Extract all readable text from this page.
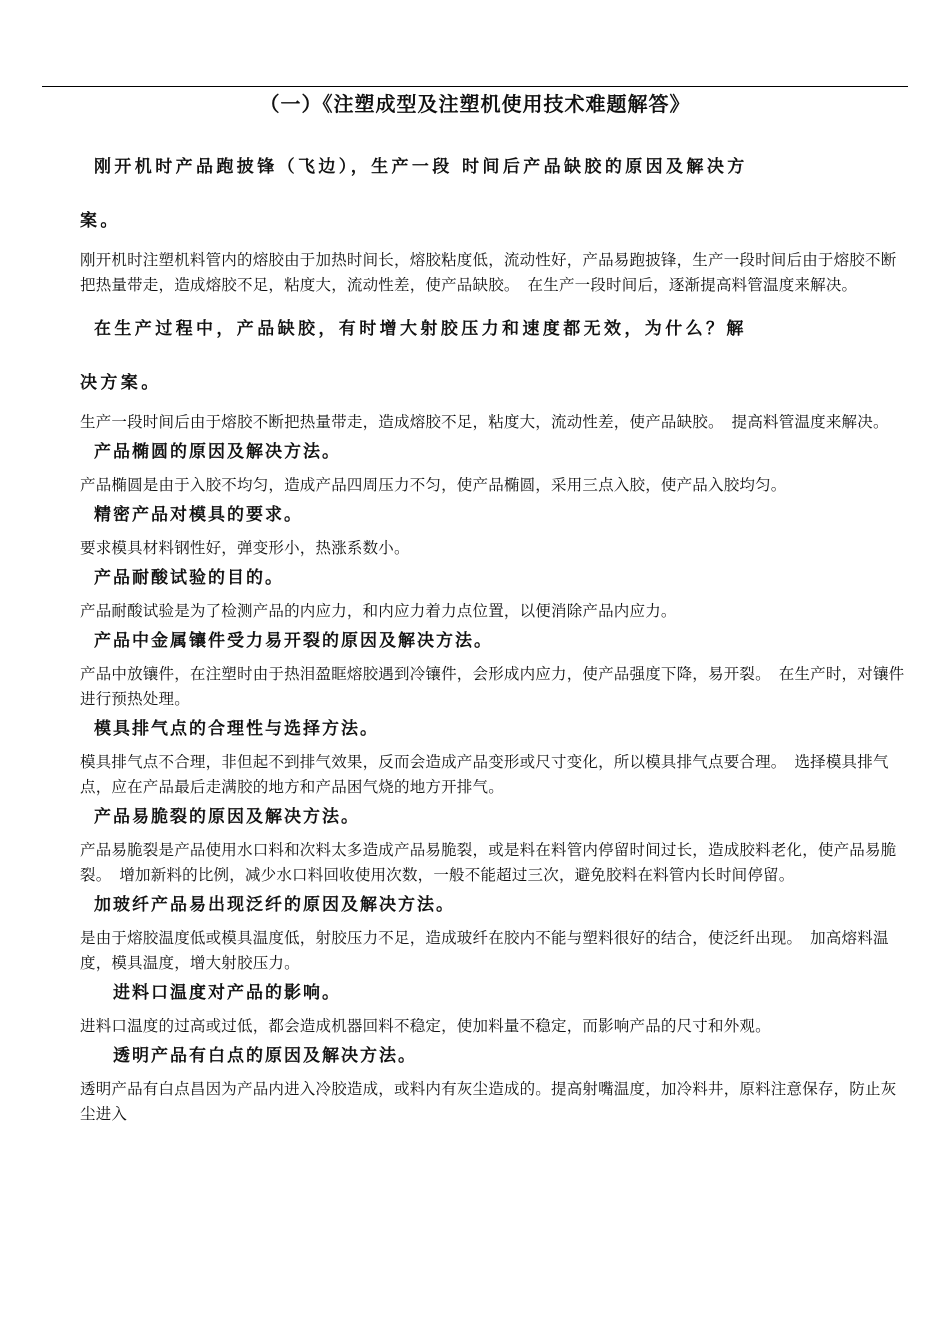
（一）《注塑成型及注塑机使用技术难题解答》

刚开机时产品跑披锋（飞边），生产一段 时间后产品缺胶的原因及解决方
案。

刚开机时注塑机料管内的熔胶由于加热时间长，熔胶粘度低，流动性好，产品易跑披锋，生产一段时间后由于熔胶不断把热量带走，造成熔胶不足，粘度大，流动性差，使产品缺胶。　在生产一段时间后，逐渐提高料管温度来解决。

在生产过程中，产品缺胶，有时增大射胶压力和速度都无效，为什么？解
决方案。

生产一段时间后由于熔胶不断把热量带走，造成熔胶不足，粘度大，流动性差，使产品缺胶。　提高料管温度来解决。

产品椭圆的原因及解决方法。

产品椭圆是由于入胶不均匀，造成产品四周压力不匀，使产品椭圆，采用三点入胶，使产品入胶均匀。

精密产品对模具的要求。

要求模具材料钢性好，弹变形小，热涨系数小。

产品耐酸试验的目的。

产品耐酸试验是为了检测产品的内应力，和内应力着力点位置，以便消除产品内应力。

产品中金属镶件受力易开裂的原因及解决方法。

产品中放镶件，在注塑时由于热泪盈眶熔胶遇到冷镶件，会形成内应力，使产品强度下降，易开裂。　在生产时，对镶件进行预热处理。

模具排气点的合理性与选择方法。

模具排气点不合理，非但起不到排气效果，反而会造成产品变形或尺寸变化，所以模具排气点要合理。　选择模具排气点，应在产品最后走满胶的地方和产品困气烧的地方开排气。

产品易脆裂的原因及解决方法。

产品易脆裂是产品使用水口料和次料太多造成产品易脆裂，或是料在料管内停留时间过长，造成胶料老化，使产品易脆裂。　增加新料的比例，减少水口料回收使用次数，一般不能超过三次，避免胶料在料管内长时间停留。

加玻纤产品易出现泛纤的原因及解决方法。

是由于熔胶温度低或模具温度低，射胶压力不足，造成玻纤在胶内不能与塑料很好的结合，使泛纤出现。　加高熔料温度，模具温度，增大射胶压力。

进料口温度对产品的影响。

进料口温度的过高或过低，都会造成机器回料不稳定，使加料量不稳定，而影响产品的尺寸和外观。

透明产品有白点的原因及解决方法。

透明产品有白点昌因为产品内进入冷胶造成，或料内有灰尘造成的。提高射嘴温度，加冷料井，原料注意保存，防止灰尘进入
